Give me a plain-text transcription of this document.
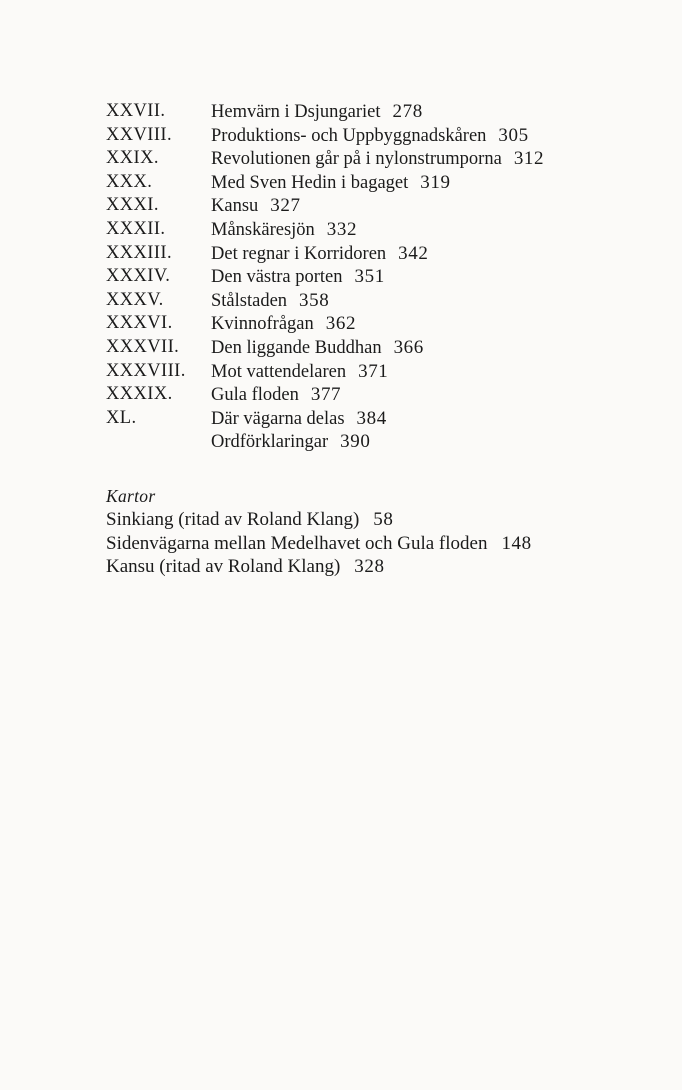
XXVII. Hemvärn i Dsjungariet 278
XXVIII. Produktions- och Uppbyggnadskåren 305
XXIX.	Revolutionen går på i nylonstrumporna 312
XXX.	Med Sven Hedin i bagaget 319
XXXI.	Kansu 327
XXXII. Månskäresjön 332
XXXIII. Det regnar i Korridoren 342
XXXIV. Den västra porten 351
XXXV.	Stålstaden 358
XXXVI. Kvinnofrågan 362
XXXVII. Den liggande Buddhan 366
XXXVIII. Mot vattendelaren 371
XXXIX. Gula floden 377
XL.	Där vägarna delas 384
Ordförklaringar 390
Kartor
Sinkiang (ritad av Roland Klang) 58
Sidenvägarna mellan Medelhavet och Gula floden 148
Kansu (ritad av Roland Klang) 328
